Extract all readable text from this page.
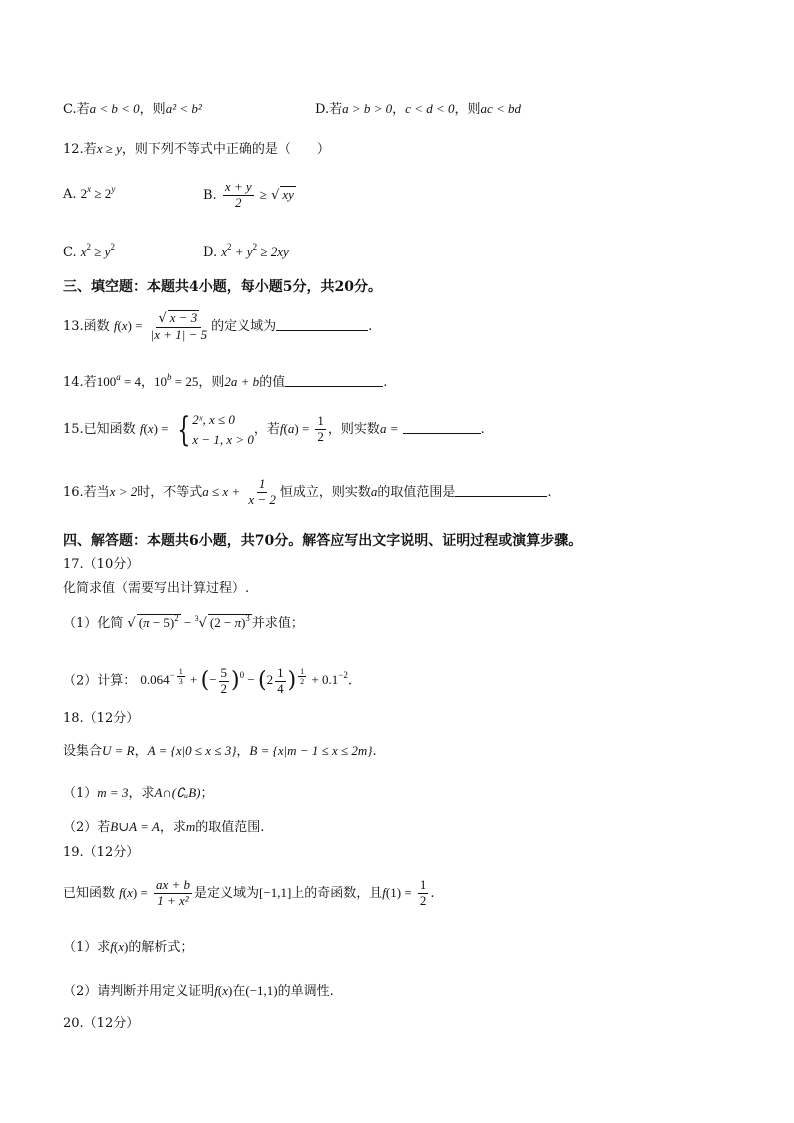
C.若a < b < 0，则a² < b²	D.若a > b > 0，c < d < 0，则ac < bd
12.若x ≥ y，则下列不等式中正确的是（　　）
A. $2^x \ge 2^y$	B. $\frac{x + y}{2}$ ≥ √ xy
C. $x^2 \ge y^2$	D. $x^2 + y^2 \ge 2xy$
三、填空题：本题共4小题，每小题5分，共20分。
13.函数 $f(x) = \frac{√ x - 3}{|x + 1| - 5}$ 的定义域为	.
14.若$100^a = 4$，$10^b = 25$，则2a + b的值	.
15.已知函数 f(x) = { 2ˣ, x ≤ 0
x − 1, x > 0
，若$f(a) = \frac{1}{2}$ ，则实数a =	.
16.若当x > 2时，不等式$a \le x + \frac{1}{x - 2}$ 恒成立，则实数a的取值范围是	.
四、解答题：本题共6小题，共70分。解答应写出文字说明、证明过程或演算步骤。
17.（10分）
化简求值（需要写出计算过程）.
（1）化简 √ $(\pi - 5)^2 - ^3√$ $(2 - \pi)^3$ 并求值；
（2）计算： $0.064^{- \frac{1}{3}}$ + (− $\frac{5}{2} )^0 - (2 \frac{1}{4}$ ) $^{\frac{1}{2}} + 0.1^{-2}$.
18.（12分）
设集合U = R，A = {x|0 ≤ x ≤ 3}，B = {x|m − 1 ≤ x ≤ 2m}.
（1）m = 3，求A∩(∁ᵤB)；
（2）若B∪A = A，求m的取值范围.
19.（12分）
已知函数 $f(x) = \frac{ax + b}{\text{1 + x²}}$ 是定义域为[−1,1]上的奇函数，且$f(1) = \frac{1}{2}$ .
（1）求f(x)的解析式；
（2）请判断并用定义证明f(x)在(−1,1)的单调性.
20.（12分）
